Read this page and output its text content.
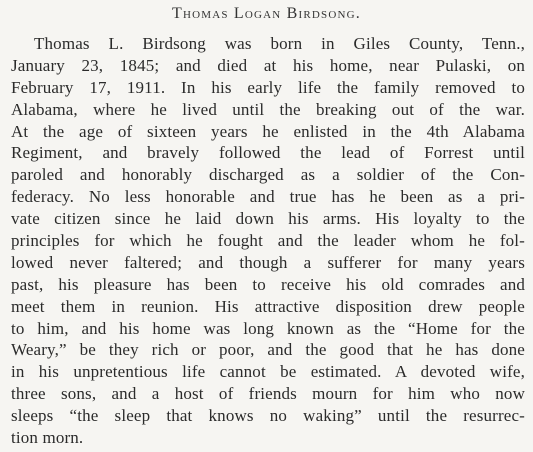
Thomas Logan Birdsong.
Thomas L. Birdsong was born in Giles County, Tenn.,
January 23, 1845; and died at his home, near Pulaski, on
February 17, 1911. In his early life the family removed to
Alabama, where he lived until the breaking out of the war.
At the age of sixteen years he enlisted in the 4th Alabama
Regiment, and bravely followed the lead of Forrest until
paroled and honorably discharged as a soldier of the Con-
federacy. No less honorable and true has he been as a pri-
vate citizen since he laid down his arms. His loyalty to the
principles for which he fought and the leader whom he fol-
lowed never faltered; and though a sufferer for many years
past, his pleasure has been to receive his old comrades and
meet them in reunion. His attractive disposition drew people
to him, and his home was long known as the “Home for the
Weary,” be they rich or poor, and the good that he has done
in his unpretentious life cannot be estimated. A devoted wife,
three sons, and a host of friends mourn for him who now
sleeps “the sleep that knows no waking” until the resurrec-
tion morn.
